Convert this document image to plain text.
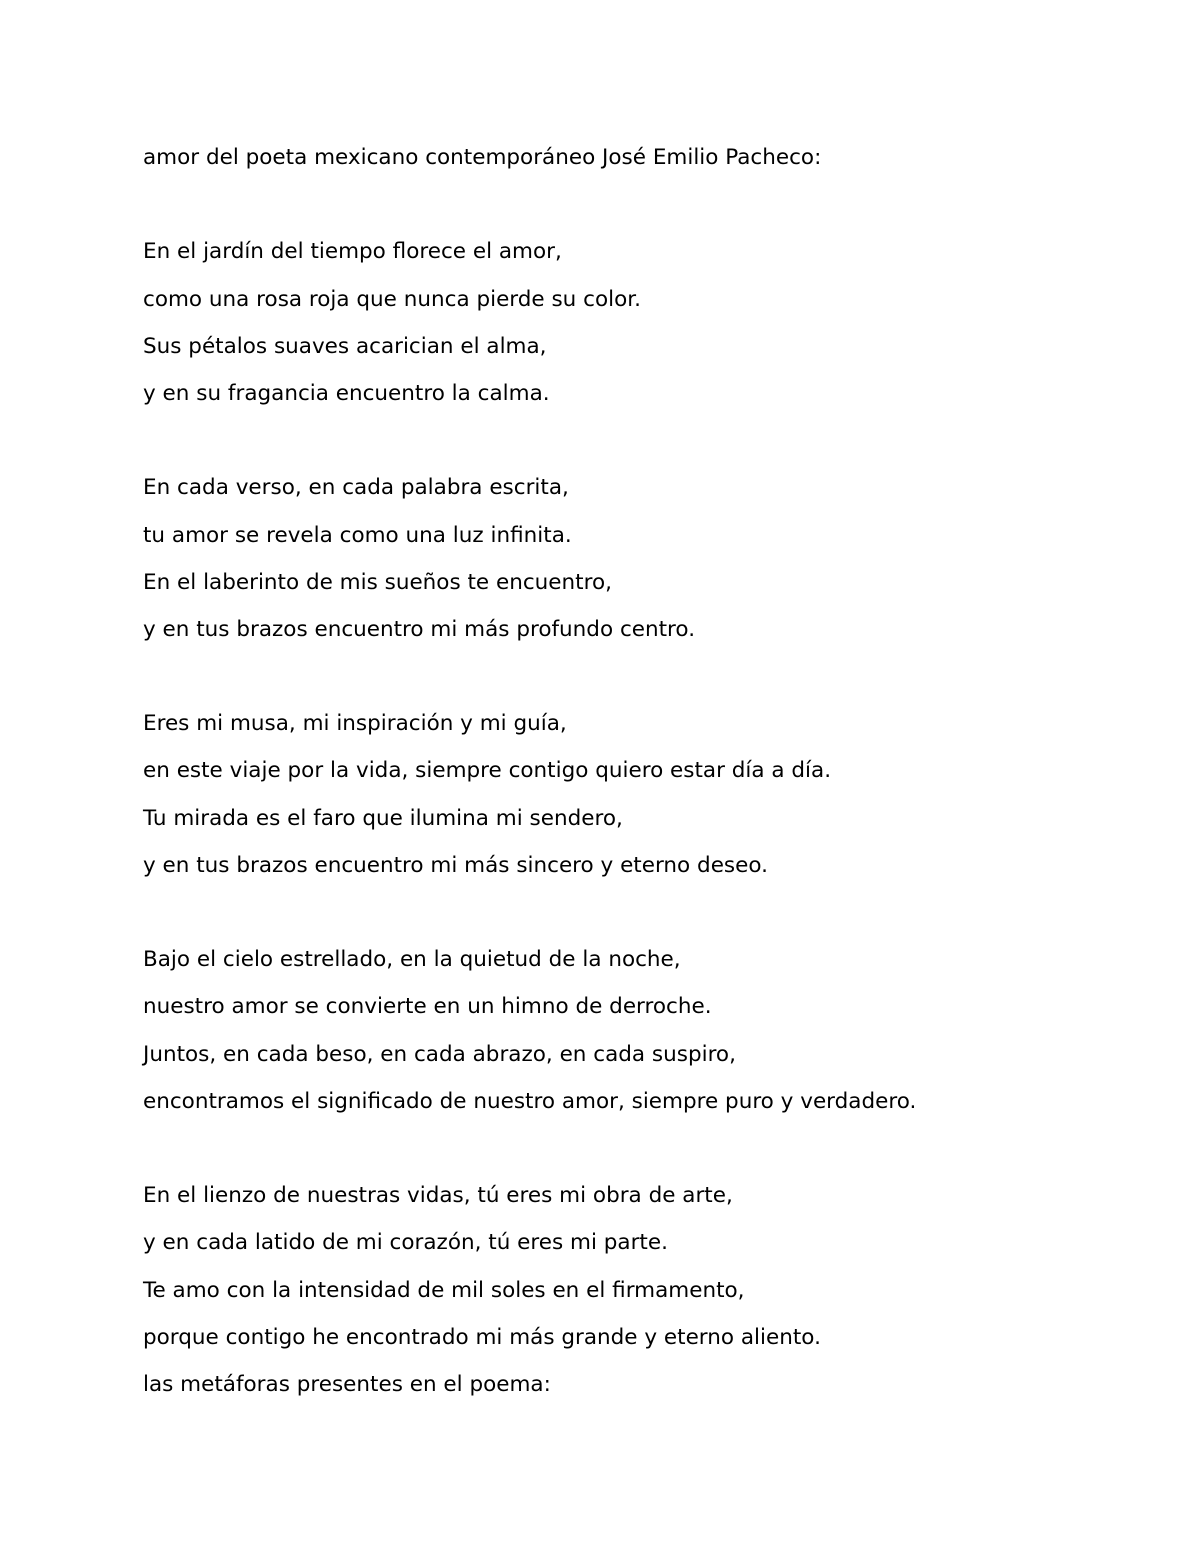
amor del poeta mexicano contemporáneo José Emilio Pacheco:
En el jardín del tiempo florece el amor,
como una rosa roja que nunca pierde su color.
Sus pétalos suaves acarician el alma,
y en su fragancia encuentro la calma.
En cada verso, en cada palabra escrita,
tu amor se revela como una luz infinita.
En el laberinto de mis sueños te encuentro,
y en tus brazos encuentro mi más profundo centro.
Eres mi musa, mi inspiración y mi guía,
en este viaje por la vida, siempre contigo quiero estar día a día.
Tu mirada es el faro que ilumina mi sendero,
y en tus brazos encuentro mi más sincero y eterno deseo.
Bajo el cielo estrellado, en la quietud de la noche,
nuestro amor se convierte en un himno de derroche.
Juntos, en cada beso, en cada abrazo, en cada suspiro,
encontramos el significado de nuestro amor, siempre puro y verdadero.
En el lienzo de nuestras vidas, tú eres mi obra de arte,
y en cada latido de mi corazón, tú eres mi parte.
Te amo con la intensidad de mil soles en el firmamento,
porque contigo he encontrado mi más grande y eterno aliento.
las metáforas presentes en el poema:
